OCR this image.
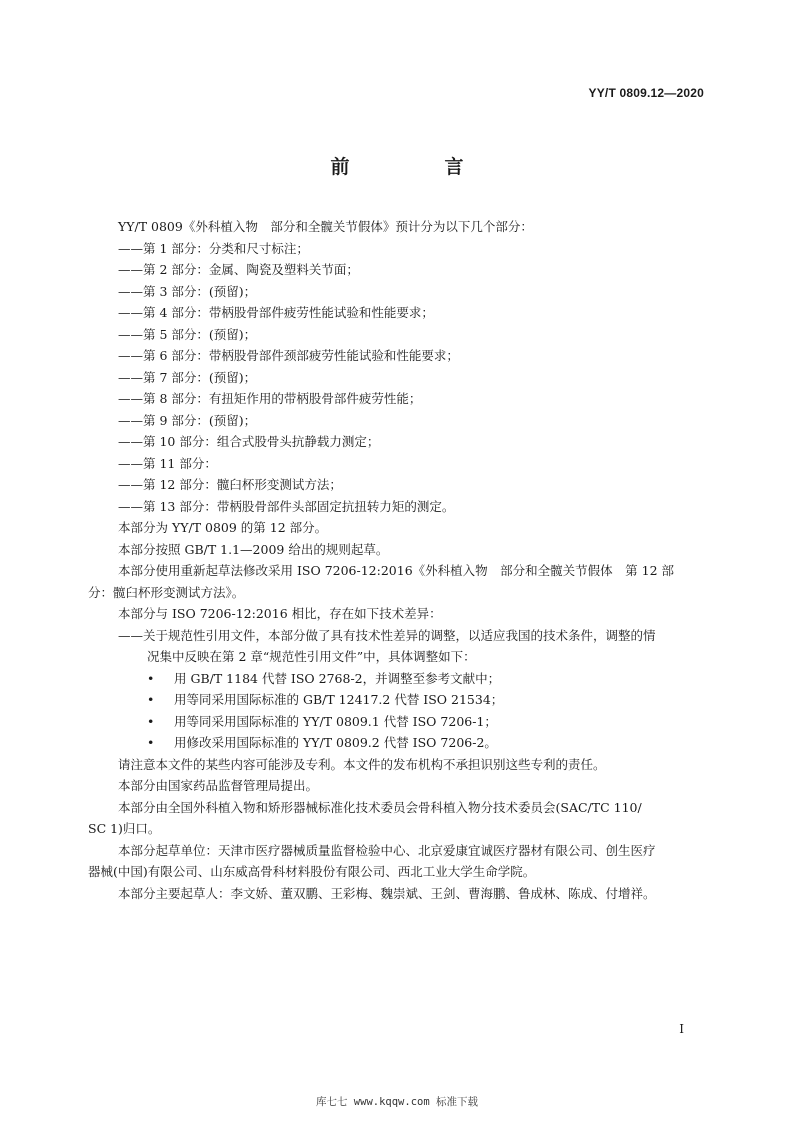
YY/T 0809.12—2020
前　言

YY/T 0809《外科植入物　部分和全髋关节假体》预计分为以下几个部分：

——第 1 部分：分类和尺寸标注；

——第 2 部分：金属、陶瓷及塑料关节面；

——第 3 部分：(预留)；

——第 4 部分：带柄股骨部件疲劳性能试验和性能要求；

——第 5 部分：(预留)；

——第 6 部分：带柄股骨部件颈部疲劳性能试验和性能要求；

——第 7 部分：(预留)；

——第 8 部分：有扭矩作用的带柄股骨部件疲劳性能；

——第 9 部分：(预留)；

——第 10 部分：组合式股骨头抗静载力测定；

——第 11 部分：

——第 12 部分：髋臼杯形变测试方法；

——第 13 部分：带柄股骨部件头部固定抗扭转力矩的测定。

本部分为 YY/T 0809 的第 12 部分。

本部分按照 GB/T 1.1—2009 给出的规则起草。

本部分使用重新起草法修改采用 ISO 7206-12:2016《外科植入物　部分和全髋关节假体　第 12 部

分：髋臼杯形变测试方法》。

本部分与 ISO 7206-12:2016 相比，存在如下技术差异：

——关于规范性引用文件，本部分做了具有技术性差异的调整，以适应我国的技术条件，调整的情

况集中反映在第 2 章“规范性引用文件”中，具体调整如下：

•	用 GB/T 1184 代替 ISO 2768-2，并调整至参考文献中；
•	用等同采用国际标准的 GB/T 12417.2 代替 ISO 21534；
•	用等同采用国际标准的 YY/T 0809.1 代替 ISO 7206-1；
•	用修改采用国际标准的 YY/T 0809.2 代替 ISO 7206-2。

请注意本文件的某些内容可能涉及专利。本文件的发布机构不承担识别这些专利的责任。

本部分由国家药品监督管理局提出。

本部分由全国外科植入物和矫形器械标准化技术委员会骨科植入物分技术委员会(SAC/TC 110/

SC 1)归口。

本部分起草单位：天津市医疗器械质量监督检验中心、北京爱康宜诚医疗器材有限公司、创生医疗

器械(中国)有限公司、山东威高骨科材料股份有限公司、西北工业大学生命学院。

本部分主要起草人：李文娇、董双鹏、王彩梅、魏崇斌、王剑、曹海鹏、鲁成林、陈成、付增祥。

I
库七七 www.kqqw.com 标准下载
